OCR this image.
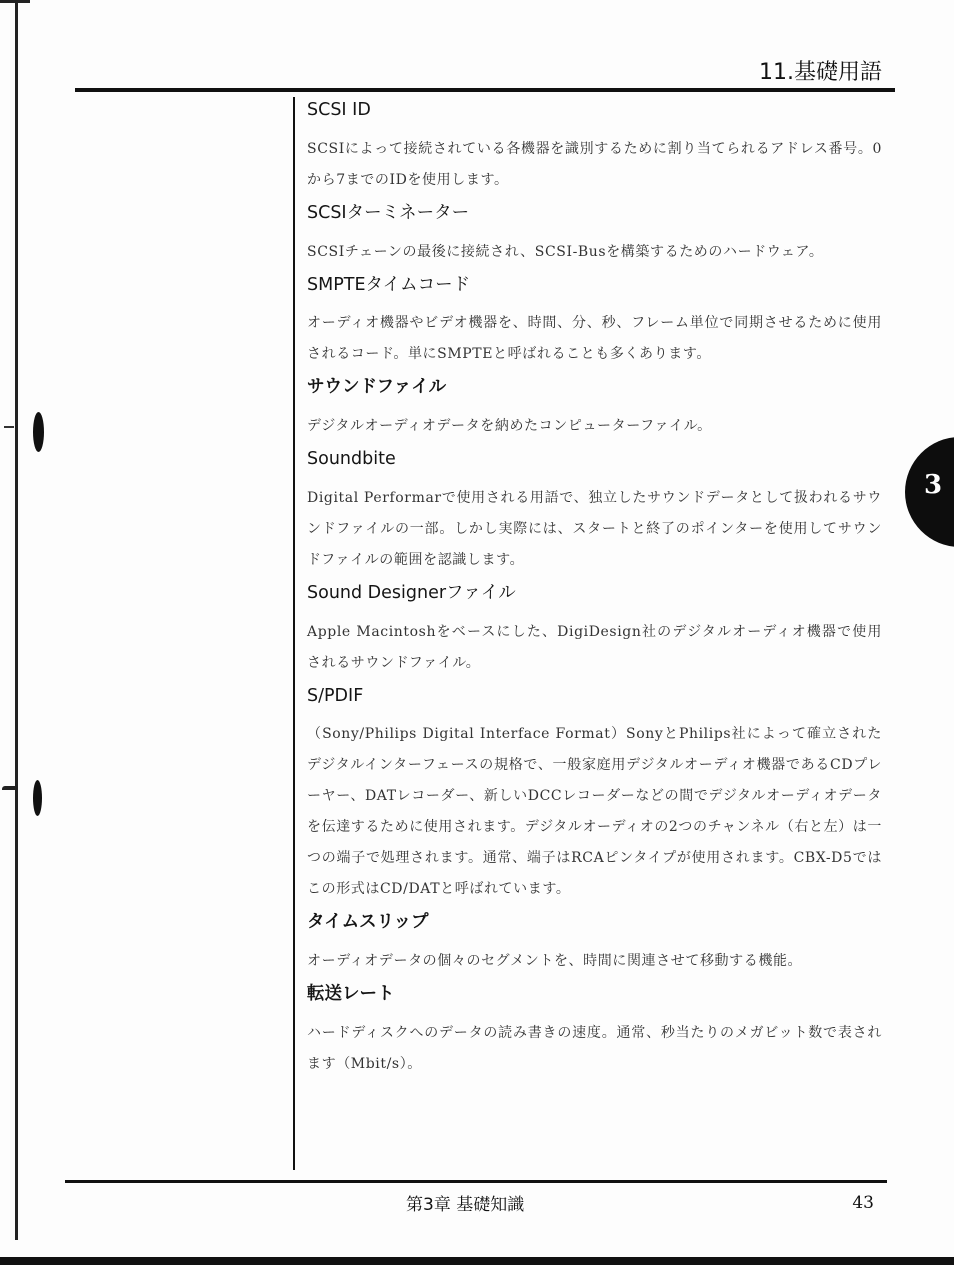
11.基礎用語
3
SCSI ID
SCSIによって接続されている各機器を識別するために割り当てられるアドレス番号。0から7までのIDを使用します。
SCSIターミネーター
SCSIチェーンの最後に接続され、SCSI-Busを構築するためのハードウェア。
SMPTEタイムコード
オーディオ機器やビデオ機器を、時間、分、秒、フレーム単位で同期させるために使用されるコード。単にSMPTEと呼ばれることも多くあります。
サウンドファイル
デジタルオーディオデータを納めたコンピューターファイル。
Soundbite
Digital Performarで使用される用語で、独立したサウンドデータとして扱われるサウンドファイルの一部。しかし実際には、スタートと終了のポインターを使用してサウンドファイルの範囲を認識します。
Sound Designerファイル
Apple Macintoshをベースにした、DigiDesign社のデジタルオーディオ機器で使用されるサウンドファイル。
S/PDIF
（Sony/Philips Digital Interface Format）SonyとPhilips社によって確立されたデジタルインターフェースの規格で、一般家庭用デジタルオーディオ機器であるCDプレーヤー、DATレコーダー、新しいDCCレコーダーなどの間でデジタルオーディオデータを伝達するために使用されます。デジタルオーディオの2つのチャンネル（右と左）は一つの端子で処理されます。通常、端子はRCAピンタイプが使用されます。CBX-D5ではこの形式はCD/DATと呼ばれています。
タイムスリップ
オーディオデータの個々のセグメントを、時間に関連させて移動する機能。
転送レート
ハードディスクへのデータの読み書きの速度。通常、秒当たりのメガビット数で表されます（Mbit/s）。
第3章 基礎知識	43
